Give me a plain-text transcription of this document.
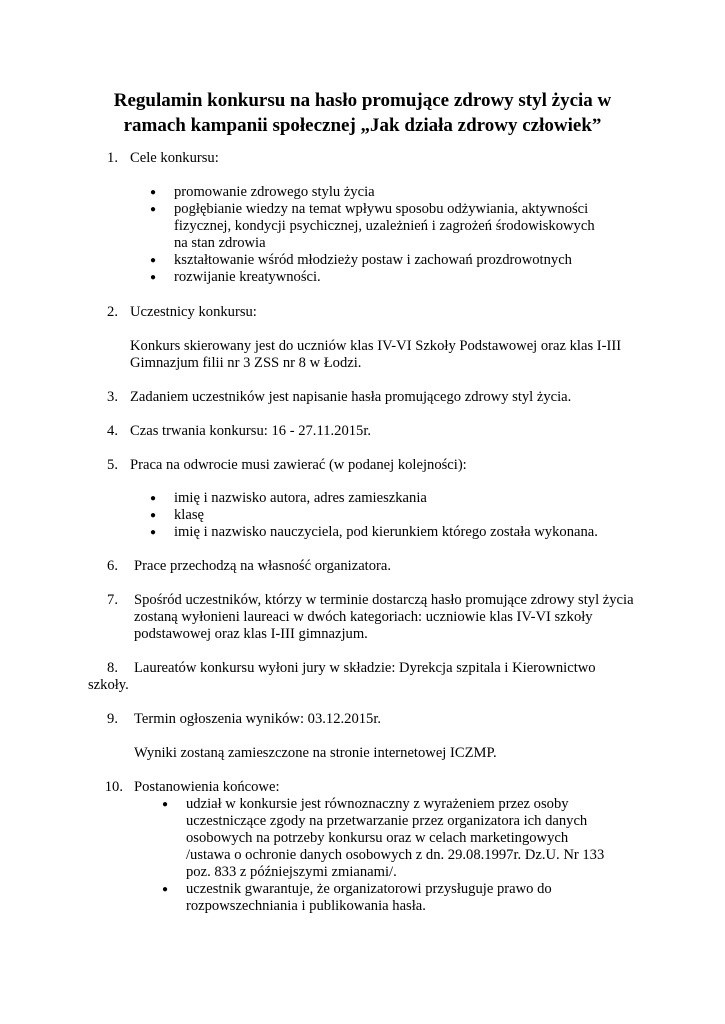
Regulamin konkursu na hasło promujące zdrowy styl życia w
ramach kampanii społecznej „Jak działa zdrowy człowiek”
1. Cele konkursu:
● promowanie zdrowego stylu życia
● pogłębianie wiedzy na temat wpływu sposobu odżywiania, aktywności
fizycznej, kondycji psychicznej, uzależnień i zagrożeń środowiskowych
na stan zdrowia
● kształtowanie wśród młodzieży postaw i zachowań prozdrowotnych
● rozwijanie kreatywności.
2. Uczestnicy konkursu:
Konkurs skierowany jest do uczniów klas IV-VI Szkoły Podstawowej oraz klas I-III
Gimnazjum filii nr 3 ZSS nr 8 w Łodzi.
3. Zadaniem uczestników jest napisanie hasła promującego zdrowy styl życia.
4. Czas trwania konkursu: 16 - 27.11.2015r.
5. Praca na odwrocie musi zawierać (w podanej kolejności):
● imię i nazwisko autora, adres zamieszkania
● klasę
● imię i nazwisko nauczyciela, pod kierunkiem którego została wykonana.
6. Prace przechodzą na własność organizatora.
7. Spośród uczestników, którzy w terminie dostarczą hasło promujące zdrowy styl życia
zostaną wyłonieni laureaci w dwóch kategoriach: uczniowie klas IV-VI szkoły
podstawowej oraz klas I-III gimnazjum.
8. Laureatów konkursu wyłoni jury w składzie: Dyrekcja szpitala i Kierownictwo
szkoły.
9. Termin ogłoszenia wyników: 03.12.2015r.
Wyniki zostaną zamieszczone na stronie internetowej ICZMP.
10. Postanowienia końcowe:
● udział w konkursie jest równoznaczny z wyrażeniem przez osoby
uczestniczące zgody na przetwarzanie przez organizatora ich danych
osobowych na potrzeby konkursu oraz w celach marketingowych
/ustawa o ochronie danych osobowych z dn. 29.08.1997r. Dz.U. Nr 133
poz. 833 z późniejszymi zmianami/.
● uczestnik gwarantuje, że organizatorowi przysługuje prawo do
rozpowszechniania i publikowania hasła.
